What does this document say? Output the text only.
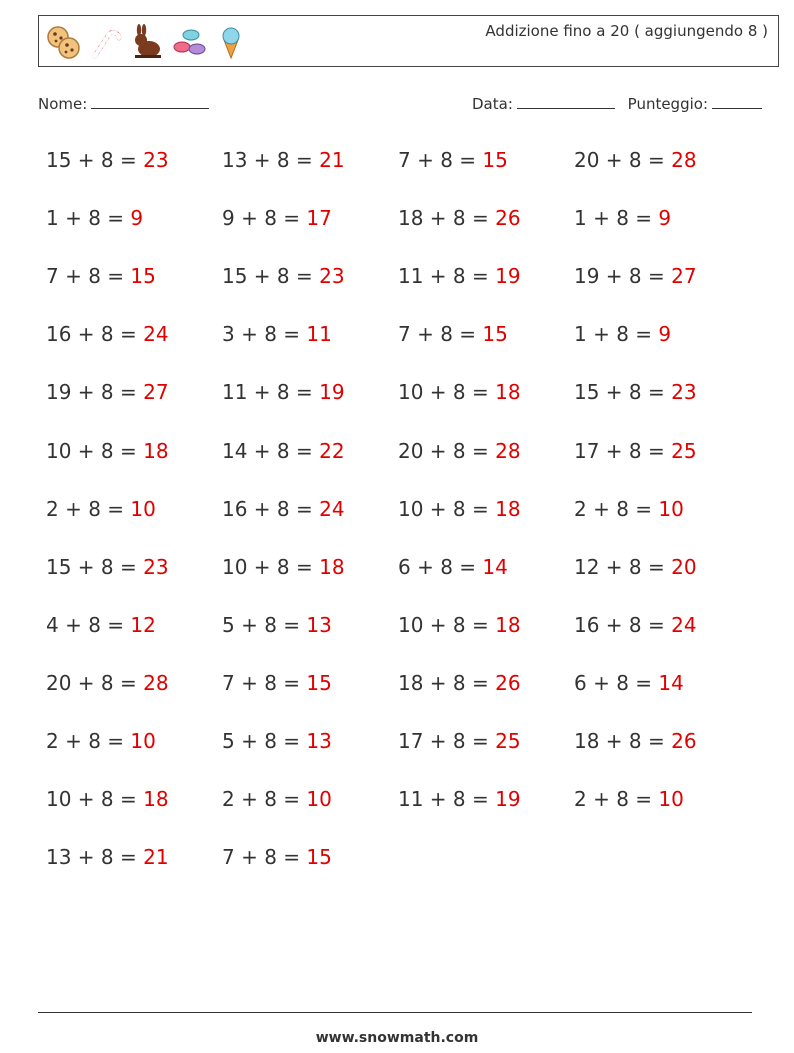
Addizione fino a 20 ( aggiungendo 8 )
Nome:	Data:	Punteggio:
15 + 8 = 23	13 + 8 = 21	7 + 8 = 15	20 + 8 = 28
1 + 8 = 9	9 + 8 = 17	18 + 8 = 26	1 + 8 = 9
7 + 8 = 15	15 + 8 = 23	11 + 8 = 19	19 + 8 = 27
16 + 8 = 24	3 + 8 = 11	7 + 8 = 15	1 + 8 = 9
19 + 8 = 27	11 + 8 = 19	10 + 8 = 18	15 + 8 = 23
10 + 8 = 18	14 + 8 = 22	20 + 8 = 28	17 + 8 = 25
2 + 8 = 10	16 + 8 = 24	10 + 8 = 18	2 + 8 = 10
15 + 8 = 23	10 + 8 = 18	6 + 8 = 14	12 + 8 = 20
4 + 8 = 12	5 + 8 = 13	10 + 8 = 18	16 + 8 = 24
20 + 8 = 28	7 + 8 = 15	18 + 8 = 26	6 + 8 = 14
2 + 8 = 10	5 + 8 = 13	17 + 8 = 25	18 + 8 = 26
10 + 8 = 18	2 + 8 = 10	11 + 8 = 19	2 + 8 = 10
13 + 8 = 21	7 + 8 = 15
www.snowmath.com
